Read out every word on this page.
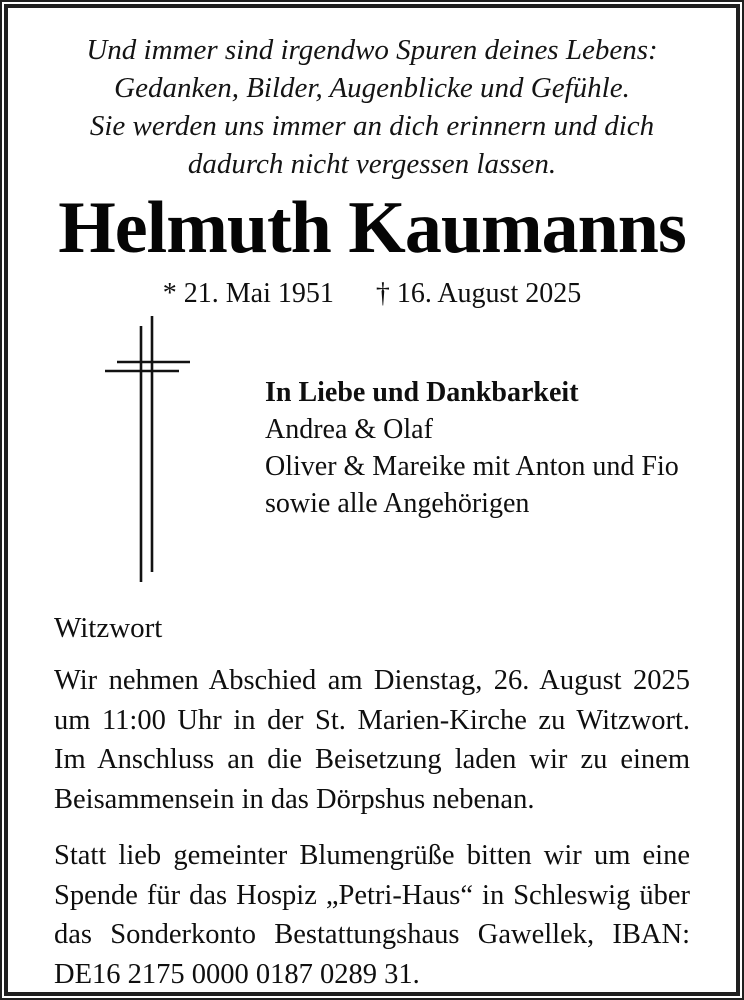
Und immer sind irgendwo Spuren deines Lebens:
Gedanken, Bilder, Augenblicke und Gefühle.
Sie werden uns immer an dich erinnern und dich
dadurch nicht vergessen lassen.
Helmuth Kaumanns
* 21. Mai 1951 † 16. August 2025
In Liebe und Dankbarkeit
Andrea & Olaf
Oliver & Mareike mit Anton und Fio
sowie alle Angehörigen
Witzwort

Wir nehmen Abschied am Dienstag, 26. August 2025 um 11:00 Uhr in der St. Marien-Kirche zu Witzwort. Im Anschluss an die Beisetzung laden wir zu einem Beisammensein in das Dörpshus nebenan.

Statt lieb gemeinter Blumengrüße bitten wir um eine Spende für das Hospiz „Petri-Haus“ in Schleswig über das Sonderkonto Bestattungshaus Gawellek, IBAN: DE16 2175 0000 0187 0289 31.
